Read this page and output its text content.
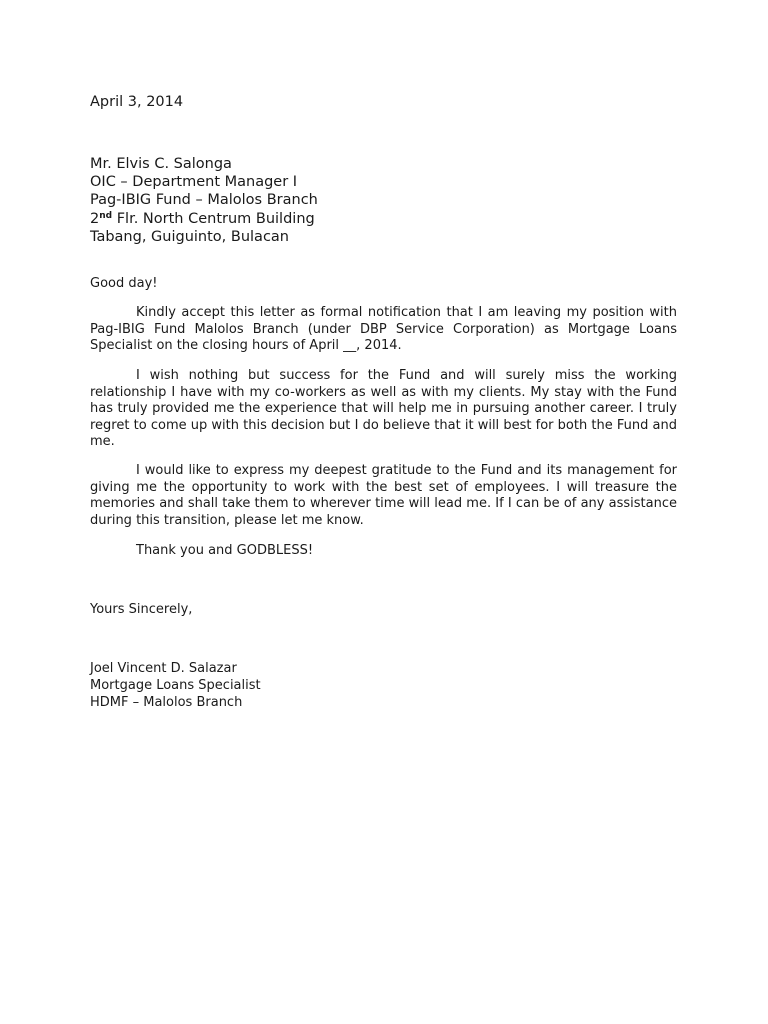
April 3, 2014
Mr. Elvis C. Salonga
OIC – Department Manager I
Pag-IBIG Fund – Malolos Branch
2nd Flr. North Centrum Building
Tabang, Guiguinto, Bulacan
Good day!
Kindly accept this letter as formal notification that I am leaving my position with Pag-IBIG Fund Malolos Branch (under DBP Service Corporation) as Mortgage Loans Specialist on the closing hours of April __, 2014.
I wish nothing but success for the Fund and will surely miss the working relationship I have with my co-workers as well as with my clients. My stay with the Fund has truly provided me the experience that will help me in pursuing another career. I truly regret to come up with this decision but I do believe that it will best for both the Fund and me.
I would like to express my deepest gratitude to the Fund and its management for giving me the opportunity to work with the best set of employees. I will treasure the memories and shall take them to wherever time will lead me. If I can be of any assistance during this transition, please let me know.
Thank you and GODBLESS!
Yours Sincerely,
Joel Vincent D. Salazar
Mortgage Loans Specialist
HDMF – Malolos Branch
